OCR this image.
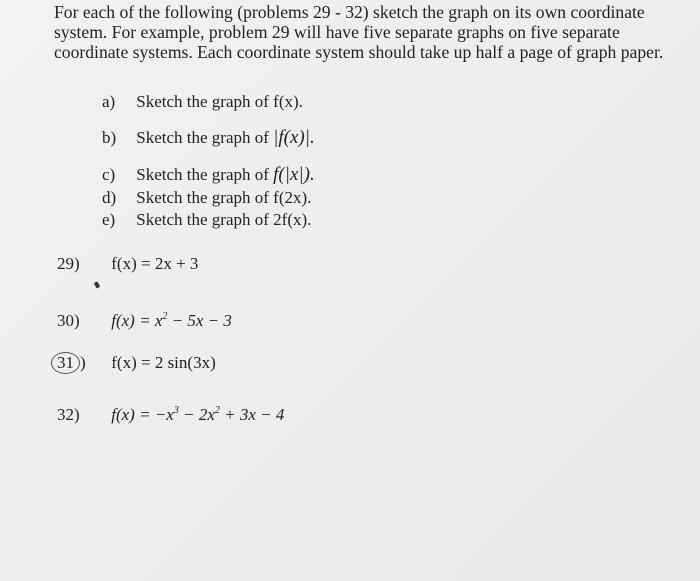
For each of the following (problems 29 - 32) sketch the graph on its own coordinate
system. For example, problem 29 will have five separate graphs on five separate
coordinate systems. Each coordinate system should take up half a page of graph paper.

a) Sketch the graph of f(x).
b) Sketch the graph of |f(x)|.
c) Sketch the graph of f(|x|).
d) Sketch the graph of f(2x).
e) Sketch the graph of 2f(x).
29) f(x) = 2x + 3
30) $f(x) = x^2 - 5x - 3$
31 ) f(x) = 2 sin(3x)
32) $f(x) = -x^3 - 2x^2 + 3x - 4$
